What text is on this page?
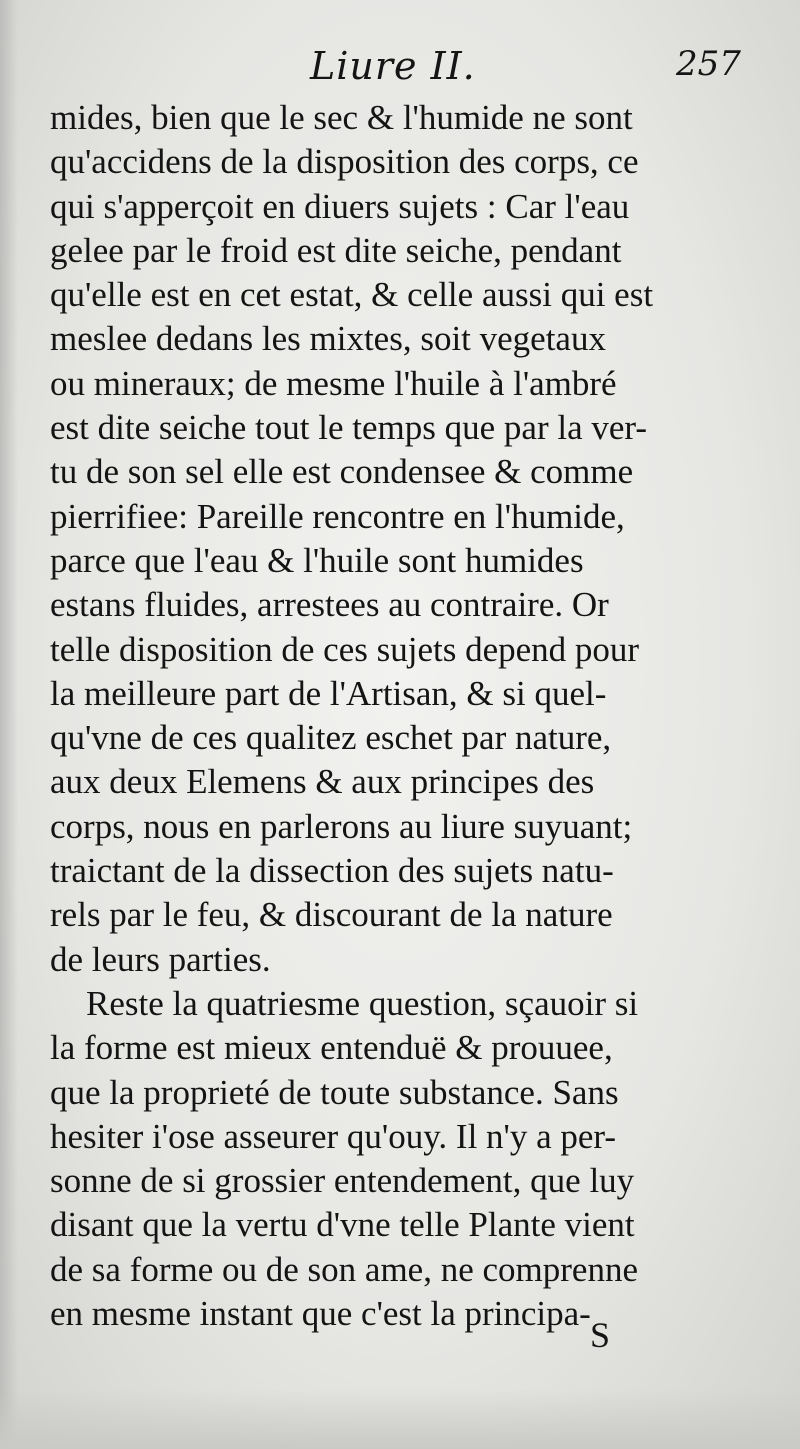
Liure II.	257
mides, bien que le sec & l'humide ne sont
qu'accidens de la disposition des corps, ce
qui s'apperçoit en diuers sujets : Car l'eau
gelee par le froid est dite seiche, pendant
qu'elle est en cet estat, & celle aussi qui est
meslee dedans les mixtes, soit vegetaux
ou mineraux; de mesme l'huile à l'ambré
est dite seiche tout le temps que par la ver-
tu de son sel elle est condensee & comme
pierrifiee: Pareille rencontre en l'humide,
parce que l'eau & l'huile sont humides
estans fluides, arrestees au contraire. Or
telle disposition de ces sujets depend pour
la meilleure part de l'Artisan, & si quel-
qu'vne de ces qualitez eschet par nature,
aux deux Elemens & aux principes des
corps, nous en parlerons au liure suyuant;
traictant de la dissection des sujets natu-
rels par le feu, & discourant de la nature
de leurs parties.
Reste la quatriesme question, sçauoir si
la forme est mieux entenduë & prouuee,
que la proprieté de toute substance. Sans
hesiter i'ose asseurer qu'ouy. Il n'y a per-
sonne de si grossier entendement, que luy
disant que la vertu d'vne telle Plante vient
de sa forme ou de son ame, ne comprenne
en mesme instant que c'est la principa-
S
